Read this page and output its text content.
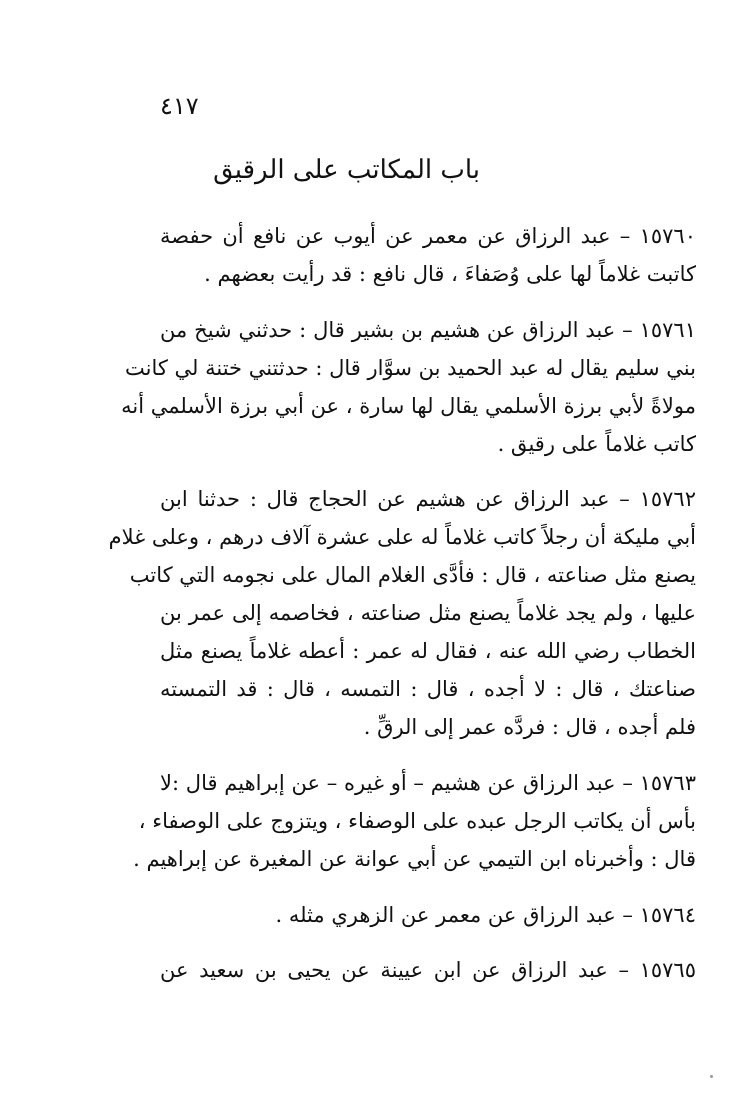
٤١٧
باب المكاتب على الرقيق
١٥٧٦٠ – عبد الرزاق عن معمر عن أيوب عن نافع أن حفصة
كاتبت غلاماً لها على وُصَفاءَ ، قال نافع : قد رأيت بعضهم .
١٥٧٦١ – عبد الرزاق عن هشيم بن بشير قال : حدثني شيخ من
بني سليم يقال له عبد الحميد بن سوَّار قال : حدثتني ختنة لي كانت
مولاةً لأبي برزة الأسلمي يقال لها سارة ، عن أبي برزة الأسلمي أنه
كاتب غلاماً على رقيق .
١٥٧٦٢ – عبد الرزاق عن هشيم عن الحجاج قال : حدثنا ابن
أبي مليكة أن رجلاً كاتب غلاماً له على عشرة آلاف درهم ، وعلى غلام
يصنع مثل صناعته ، قال : فأدَّى الغلام المال على نجومه التي كاتب
عليها ، ولم يجد غلاماً يصنع مثل صناعته ، فخاصمه إلى عمر بن
الخطاب رضي الله عنه ، فقال له عمر : أعطه غلاماً يصنع مثل
صناعتك ، قال : لا أجده ، قال : التمسه ، قال : قد التمسته
فلم أجده ، قال : فردَّه عمر إلى الرقِّ .
١٥٧٦٣ – عبد الرزاق عن هشيم – أو غيره – عن إبراهيم قال :لا
بأس أن يكاتب الرجل عبده على الوصفاء ، ويتزوج على الوصفاء ،
قال : وأخبرناه ابن التيمي عن أبي عوانة عن المغيرة عن إبراهيم .
١٥٧٦٤ – عبد الرزاق عن معمر عن الزهري مثله .
١٥٧٦٥ – عبد الرزاق عن ابن عيينة عن يحيى بن سعيد عن
